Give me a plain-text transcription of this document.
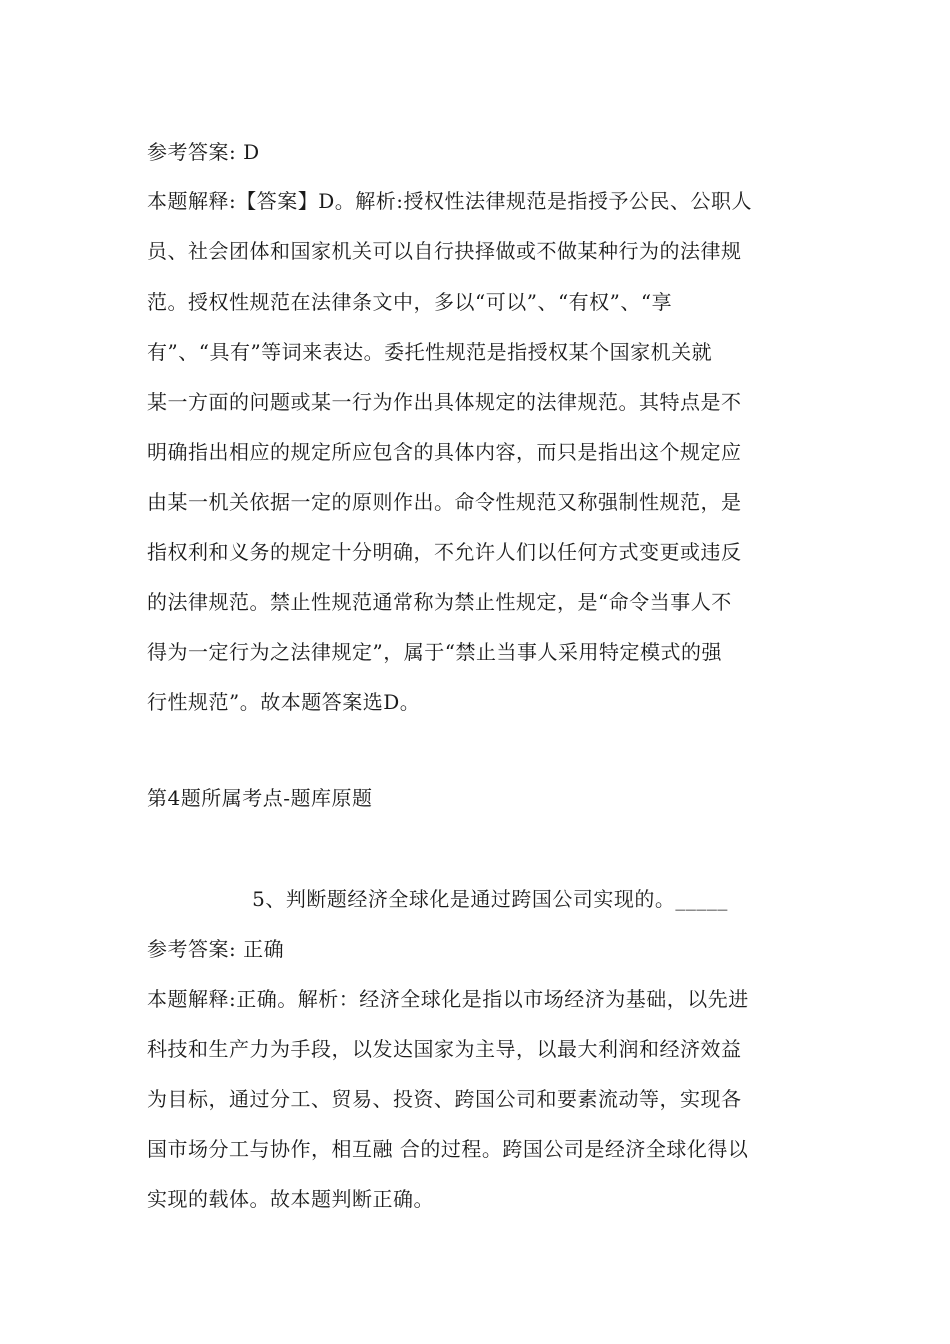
参考答案: D
本题解释:【答案】D。解析:授权性法律规范是指授予公民、公职人
员、社会团体和国家机关可以自行抉择做或不做某种行为的法律规
范。授权性规范在法律条文中，多以“可以”、“有权”、“享
有”、“具有”等词来表达。委托性规范是指授权某个国家机关就
某一方面的问题或某一行为作出具体规定的法律规范。其特点是不
明确指出相应的规定所应包含的具体内容，而只是指出这个规定应
由某一机关依据一定的原则作出。命令性规范又称强制性规范，是
指权利和义务的规定十分明确，不允许人们以任何方式变更或违反
的法律规范。禁止性规范通常称为禁止性规定，是“命令当事人不
得为一定行为之法律规定”，属于“禁止当事人采用特定模式的强
行性规范”。故本题答案选D。
第4题所属考点-题库原题
5、判断题经济全球化是通过跨国公司实现的。_____
参考答案: 正确
本题解释:正确。解析：经济全球化是指以市场经济为基础，以先进
科技和生产力为手段，以发达国家为主导，以最大利润和经济效益
为目标，通过分工、贸易、投资、跨国公司和要素流动等，实现各
国市场分工与协作，相互融 合的过程。跨国公司是经济全球化得以
实现的载体。故本题判断正确。
